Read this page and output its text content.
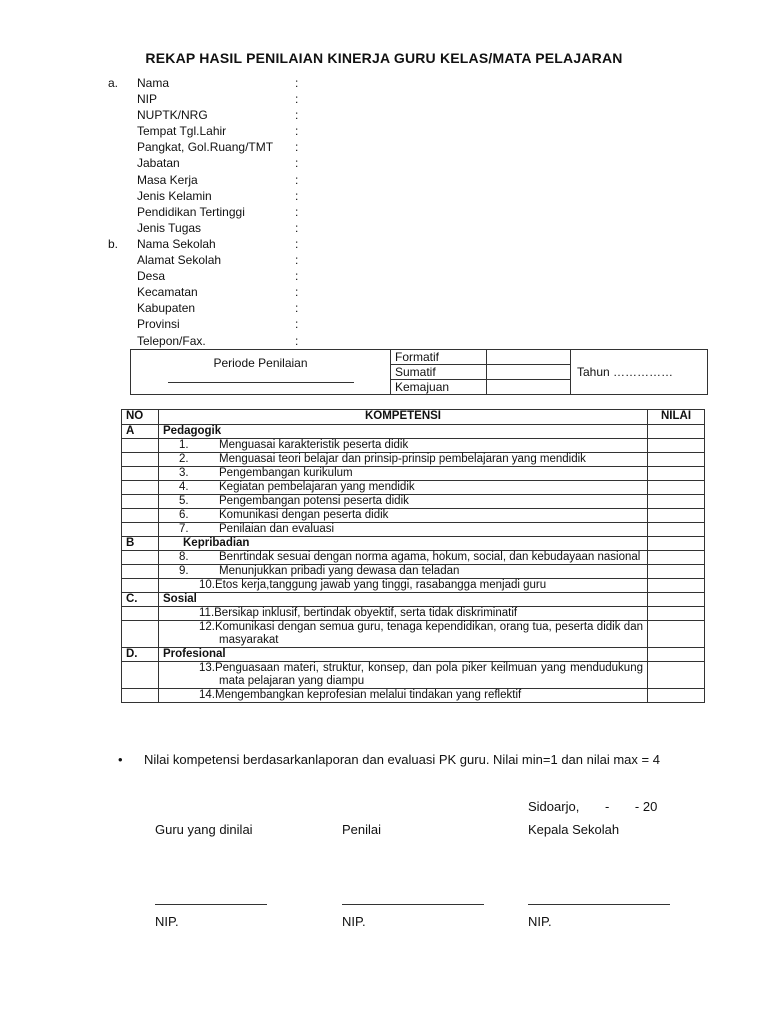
REKAP HASIL PENILAIAN KINERJA GURU KELAS/MATA PELAJARAN
a. Nama	:
NIP	:
NUPTK/NRG	:
Tempat Tgl.Lahir	:
Pangkat, Gol.Ruang/TMT :
Jabatan	:
Masa Kerja	:
Jenis Kelamin	:
Pendidikan Tertinggi	:
Jenis Tugas	:
b. Nama Sekolah	:
Alamat Sekolah	:
Desa	:
Kecamatan	:
Kabupaten	:
Provinsi	:
Telepon/Fax.	:
Periode Penilaian	Formatif		Tahun ……………
	Sumatif		
	Kemajuan		
NO	KOMPETENSI	NILAI
A	Pedagogik	

	1. Menguasai karakteristik peserta didik	

	2. Menguasai teori belajar dan prinsip-prinsip pembelajaran yang mendidik	

	3. Pengembangan kurikulum	

	4. Kegiatan pembelajaran yang mendidik	

	5. Pengembangan potensi peserta didik	

	6. Komunikasi dengan peserta didik	

	7. Penilaian dan evaluasi	

B	Kepribadian	

	8. Benrtindak sesuai dengan norma agama, hokum, social, dan kebudayaan nasional	

	9. Menunjukkan pribadi yang dewasa dan teladan	

	10.Etos kerja,tanggung jawab yang tinggi, rasabangga menjadi guru	

C.	Sosial	

	11.Bersikap inklusif, bertindak obyektif, serta tidak diskriminatif	

	12.Komunikasi dengan semua guru, tenaga kependidikan, orang tua, peserta didik dan masyarakat	

D.	Profesional	

	13.Penguasaan materi, struktur, konsep, dan pola piker keilmuan yang mendudukung mata pelajaran yang diampu	

	14.Mengembangkan keprofesian melalui tindakan yang reflektif	

• Nilai kompetensi berdasarkanlaporan dan evaluasi PK guru. Nilai min=1 dan nilai max = 4
Sidoarjo, - - 20
Guru yang dinilai	Penilai	Kepala Sekolah
NIP.	NIP.	NIP.
